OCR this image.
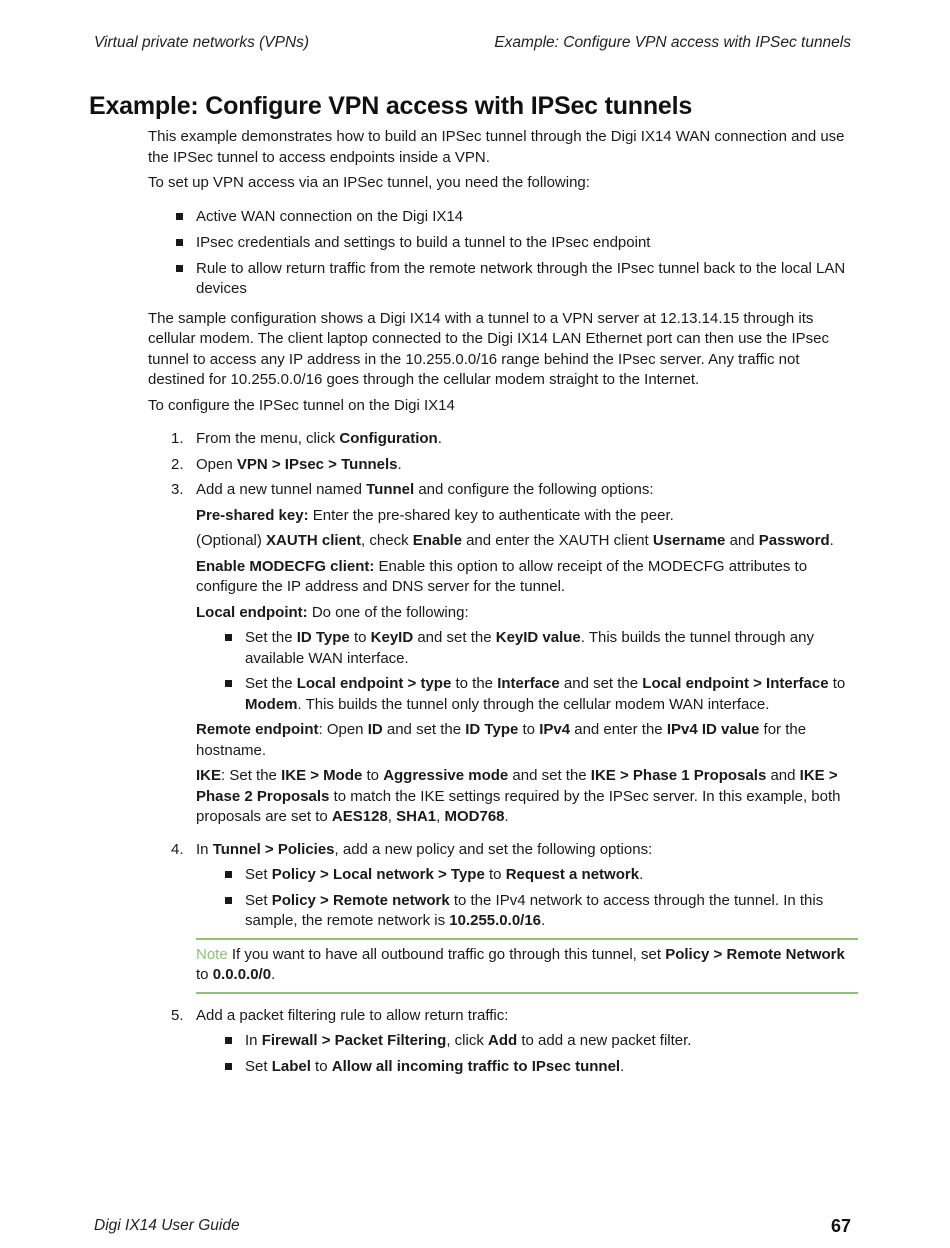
Virtual private networks (VPNs)	Example: Configure VPN access with IPSec tunnels
Example: Configure VPN access with IPSec tunnels

This example demonstrates how to build an IPSec tunnel through the Digi IX14 WAN connection and use the IPSec tunnel to access endpoints inside a VPN.

To set up VPN access via an IPSec tunnel, you need the following:

Active WAN connection on the Digi IX14
IPsec credentials and settings to build a tunnel to the IPsec endpoint
Rule to allow return traffic from the remote network through the IPsec tunnel back to the local LAN devices

The sample configuration shows a Digi IX14 with a tunnel to a VPN server at 12.13.14.15 through its cellular modem. The client laptop connected to the Digi IX14 LAN Ethernet port can then use the IPsec tunnel to access any IP address in the 10.255.0.0/16 range behind the IPsec server. Any traffic not destined for 10.255.0.0/16 goes through the cellular modem straight to the Internet.

To configure the IPSec tunnel on the Digi IX14

1. From the menu, click Configuration.

2. Open VPN > IPsec > Tunnels.

3. Add a new tunnel named Tunnel and configure the following options:

Pre-shared key: Enter the pre-shared key to authenticate with the peer.

(Optional) XAUTH client, check Enable and enter the XAUTH client Username and Password.

Enable MODECFG client: Enable this option to allow receipt of the MODECFG attributes to configure the IP address and DNS server for the tunnel.

Local endpoint: Do one of the following:

Set the ID Type to KeyID and set the KeyID value. This builds the tunnel through any available WAN interface.
Set the Local endpoint > type to the Interface and set the Local endpoint > Interface to Modem. This builds the tunnel only through the cellular modem WAN interface.

Remote endpoint: Open ID and set the ID Type to IPv4 and enter the IPv4 ID value for the hostname.

IKE: Set the IKE > Mode to Aggressive mode and set the IKE > Phase 1 Proposals and IKE > Phase 2 Proposals to match the IKE settings required by the IPSec server. In this example, both proposals are set to AES128, SHA1, MOD768.

4. In Tunnel > Policies, add a new policy and set the following options:

Set Policy > Local network > Type to Request a network.
Set Policy > Remote network to the IPv4 network to access through the tunnel. In this sample, the remote network is 10.255.0.0/16.
Note If you want to have all outbound traffic go through this tunnel, set Policy > Remote Network to 0.0.0.0/0.
5. Add a packet filtering rule to allow return traffic:

In Firewall > Packet Filtering, click Add to add a new packet filter.
Set Label to Allow all incoming traffic to IPsec tunnel.
Digi IX14 User Guide	67
